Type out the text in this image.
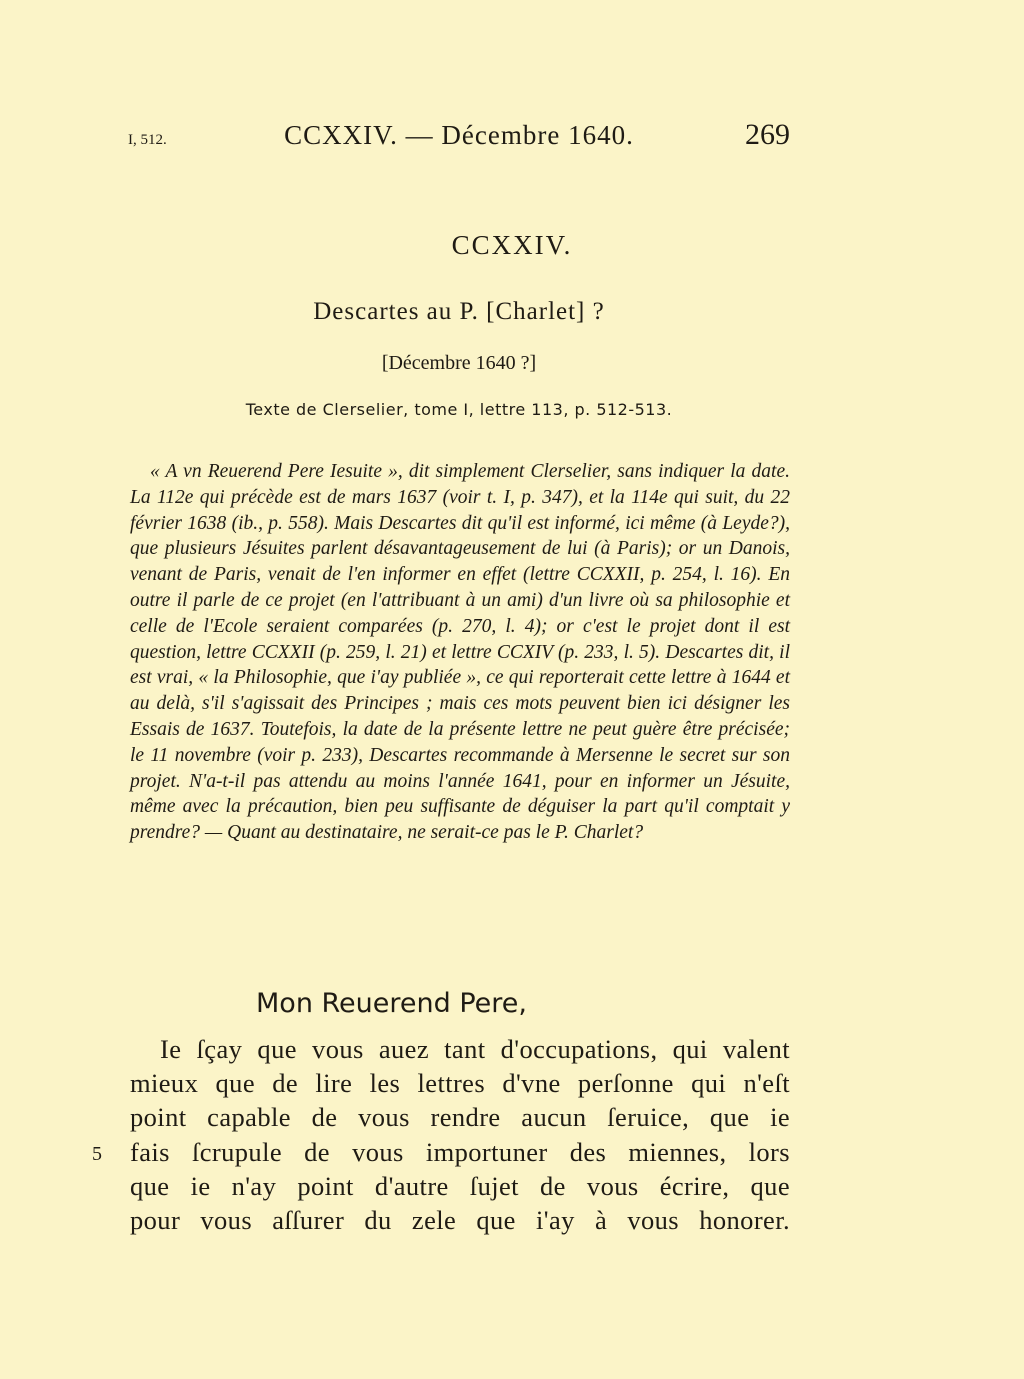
I, 512.	CCXXIV. — Décembre 1640.	269
CCXXIV.
Descartes au P. [Charlet] ?
[Décembre 1640 ?]
Texte de Clerselier, tome I, lettre 113, p. 512-513.
« A vn Reuerend Pere Iesuite », dit simplement Clerselier, sans indiquer la date. La 112e qui précède est de mars 1637 (voir t. I, p. 347), et la 114e qui suit, du 22 février 1638 (ib., p. 558). Mais Descartes dit qu'il est informé, ici même (à Leyde?), que plusieurs Jésuites parlent désavantageusement de lui (à Paris); or un Danois, venant de Paris, venait de l'en informer en effet (lettre CCXXII, p. 254, l. 16). En outre il parle de ce projet (en l'attribuant à un ami) d'un livre où sa philosophie et celle de l'Ecole seraient comparées (p. 270, l. 4); or c'est le projet dont il est question, lettre CCXXII (p. 259, l. 21) et lettre CCXIV (p. 233, l. 5). Descartes dit, il est vrai, « la Philosophie, que i'ay publiée », ce qui reporterait cette lettre à 1644 et au delà, s'il s'agissait des Principes ; mais ces mots peuvent bien ici désigner les Essais de 1637. Toutefois, la date de la présente lettre ne peut guère être précisée; le 11 novembre (voir p. 233), Descartes recommande à Mersenne le secret sur son projet. N'a-t-il pas attendu au moins l'année 1641, pour en informer un Jésuite, même avec la précaution, bien peu suffisante de déguiser la part qu'il comptait y prendre? — Quant au destinataire, ne serait-ce pas le P. Charlet?
Mon Reuerend Pere,
Ie ſçay que vous auez tant d'occupations, qui valent
mieux que de lire les lettres d'vne perſonne qui n'eſt
point capable de vous rendre aucun ſeruice, que ie
fais ſcrupule de vous importuner des miennes, lors
que ie n'ay point d'autre ſujet de vous écrire, que
pour vous aſſurer du zele que i'ay à vous honorer.
5
